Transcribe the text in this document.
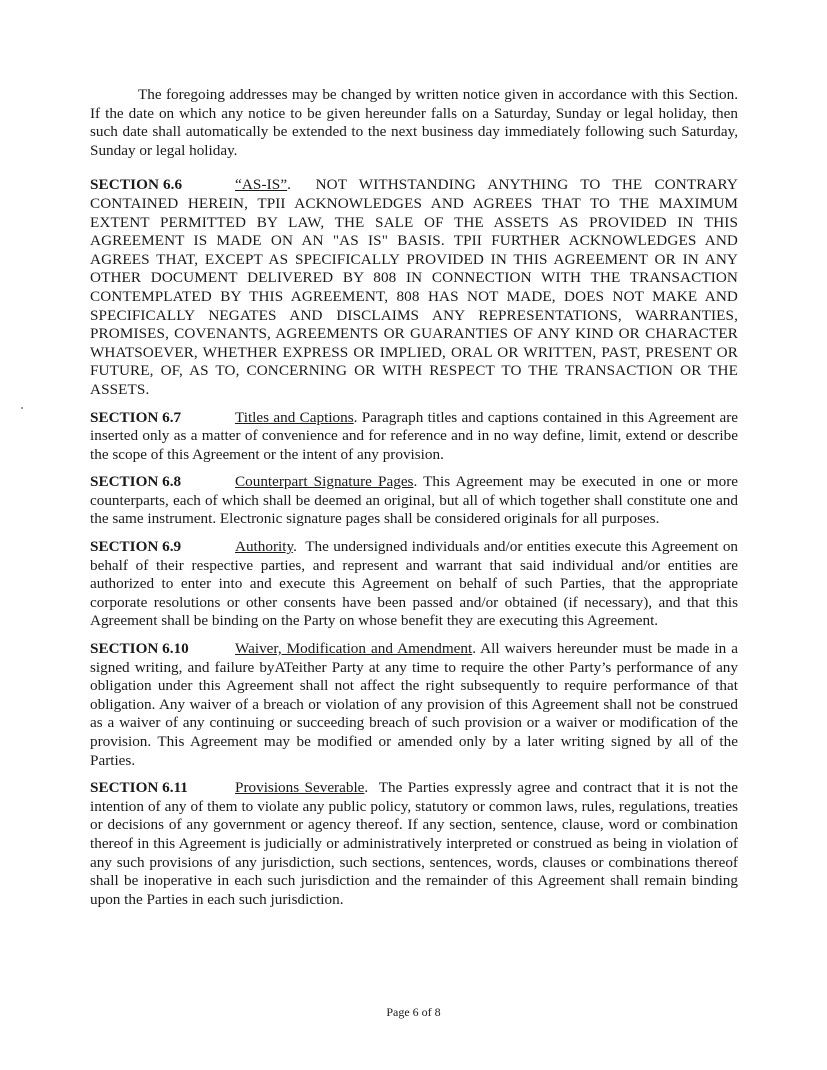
The foregoing addresses may be changed by written notice given in accordance with this Section. If the date on which any notice to be given hereunder falls on a Saturday, Sunday or legal holiday, then such date shall automatically be extended to the next business day immediately following such Saturday, Sunday or legal holiday.

SECTION 6.6	“AS-IS”. NOT WITHSTANDING ANYTHING TO THE CONTRARY CONTAINED HEREIN, TPII ACKNOWLEDGES AND AGREES THAT TO THE MAXIMUM EXTENT PERMITTED BY LAW, THE SALE OF THE ASSETS AS PROVIDED IN THIS AGREEMENT IS MADE ON AN "AS IS" BASIS. TPII FURTHER ACKNOWLEDGES AND AGREES THAT, EXCEPT AS SPECIFICALLY PROVIDED IN THIS AGREEMENT OR IN ANY OTHER DOCUMENT DELIVERED BY 808 IN CONNECTION WITH THE TRANSACTION CONTEMPLATED BY THIS AGREEMENT, 808 HAS NOT MADE, DOES NOT MAKE AND SPECIFICALLY NEGATES AND DISCLAIMS ANY REPRESENTATIONS, WARRANTIES, PROMISES, COVENANTS, AGREEMENTS OR GUARANTIES OF ANY KIND OR CHARACTER WHATSOEVER, WHETHER EXPRESS OR IMPLIED, ORAL OR WRITTEN, PAST, PRESENT OR FUTURE, OF, AS TO, CONCERNING OR WITH RESPECT TO THE TRANSACTION OR THE ASSETS.

SECTION 6.7	Titles and Captions. Paragraph titles and captions contained in this Agreement are inserted only as a matter of convenience and for reference and in no way define, limit, extend or describe the scope of this Agreement or the intent of any provision.

SECTION 6.8	Counterpart Signature Pages. This Agreement may be executed in one or more counterparts, each of which shall be deemed an original, but all of which together shall constitute one and the same instrument. Electronic signature pages shall be considered originals for all purposes.

SECTION 6.9	Authority. The undersigned individuals and/or entities execute this Agreement on behalf of their respective parties, and represent and warrant that said individual and/or entities are authorized to enter into and execute this Agreement on behalf of such Parties, that the appropriate corporate resolutions or other consents have been passed and/or obtained (if necessary), and that this Agreement shall be binding on the Party on whose benefit they are executing this Agreement.

SECTION 6.10	Waiver, Modification and Amendment. All waivers hereunder must be made in a signed writing, and failure byATeither Party at any time to require the other Party’s performance of any obligation under this Agreement shall not affect the right subsequently to require performance of that obligation. Any waiver of a breach or violation of any provision of this Agreement shall not be construed as a waiver of any continuing or succeeding breach of such provision or a waiver or modification of the provision. This Agreement may be modified or amended only by a later writing signed by all of the Parties.

SECTION 6.11	Provisions Severable. The Parties expressly agree and contract that it is not the intention of any of them to violate any public policy, statutory or common laws, rules, regulations, treaties or decisions of any government or agency thereof. If any section, sentence, clause, word or combination thereof in this Agreement is judicially or administratively interpreted or construed as being in violation of any such provisions of any jurisdiction, such sections, sentences, words, clauses or combinations thereof shall be inoperative in each such jurisdiction and the remainder of this Agreement shall remain binding upon the Parties in each such jurisdiction.

Page 6 of 8
